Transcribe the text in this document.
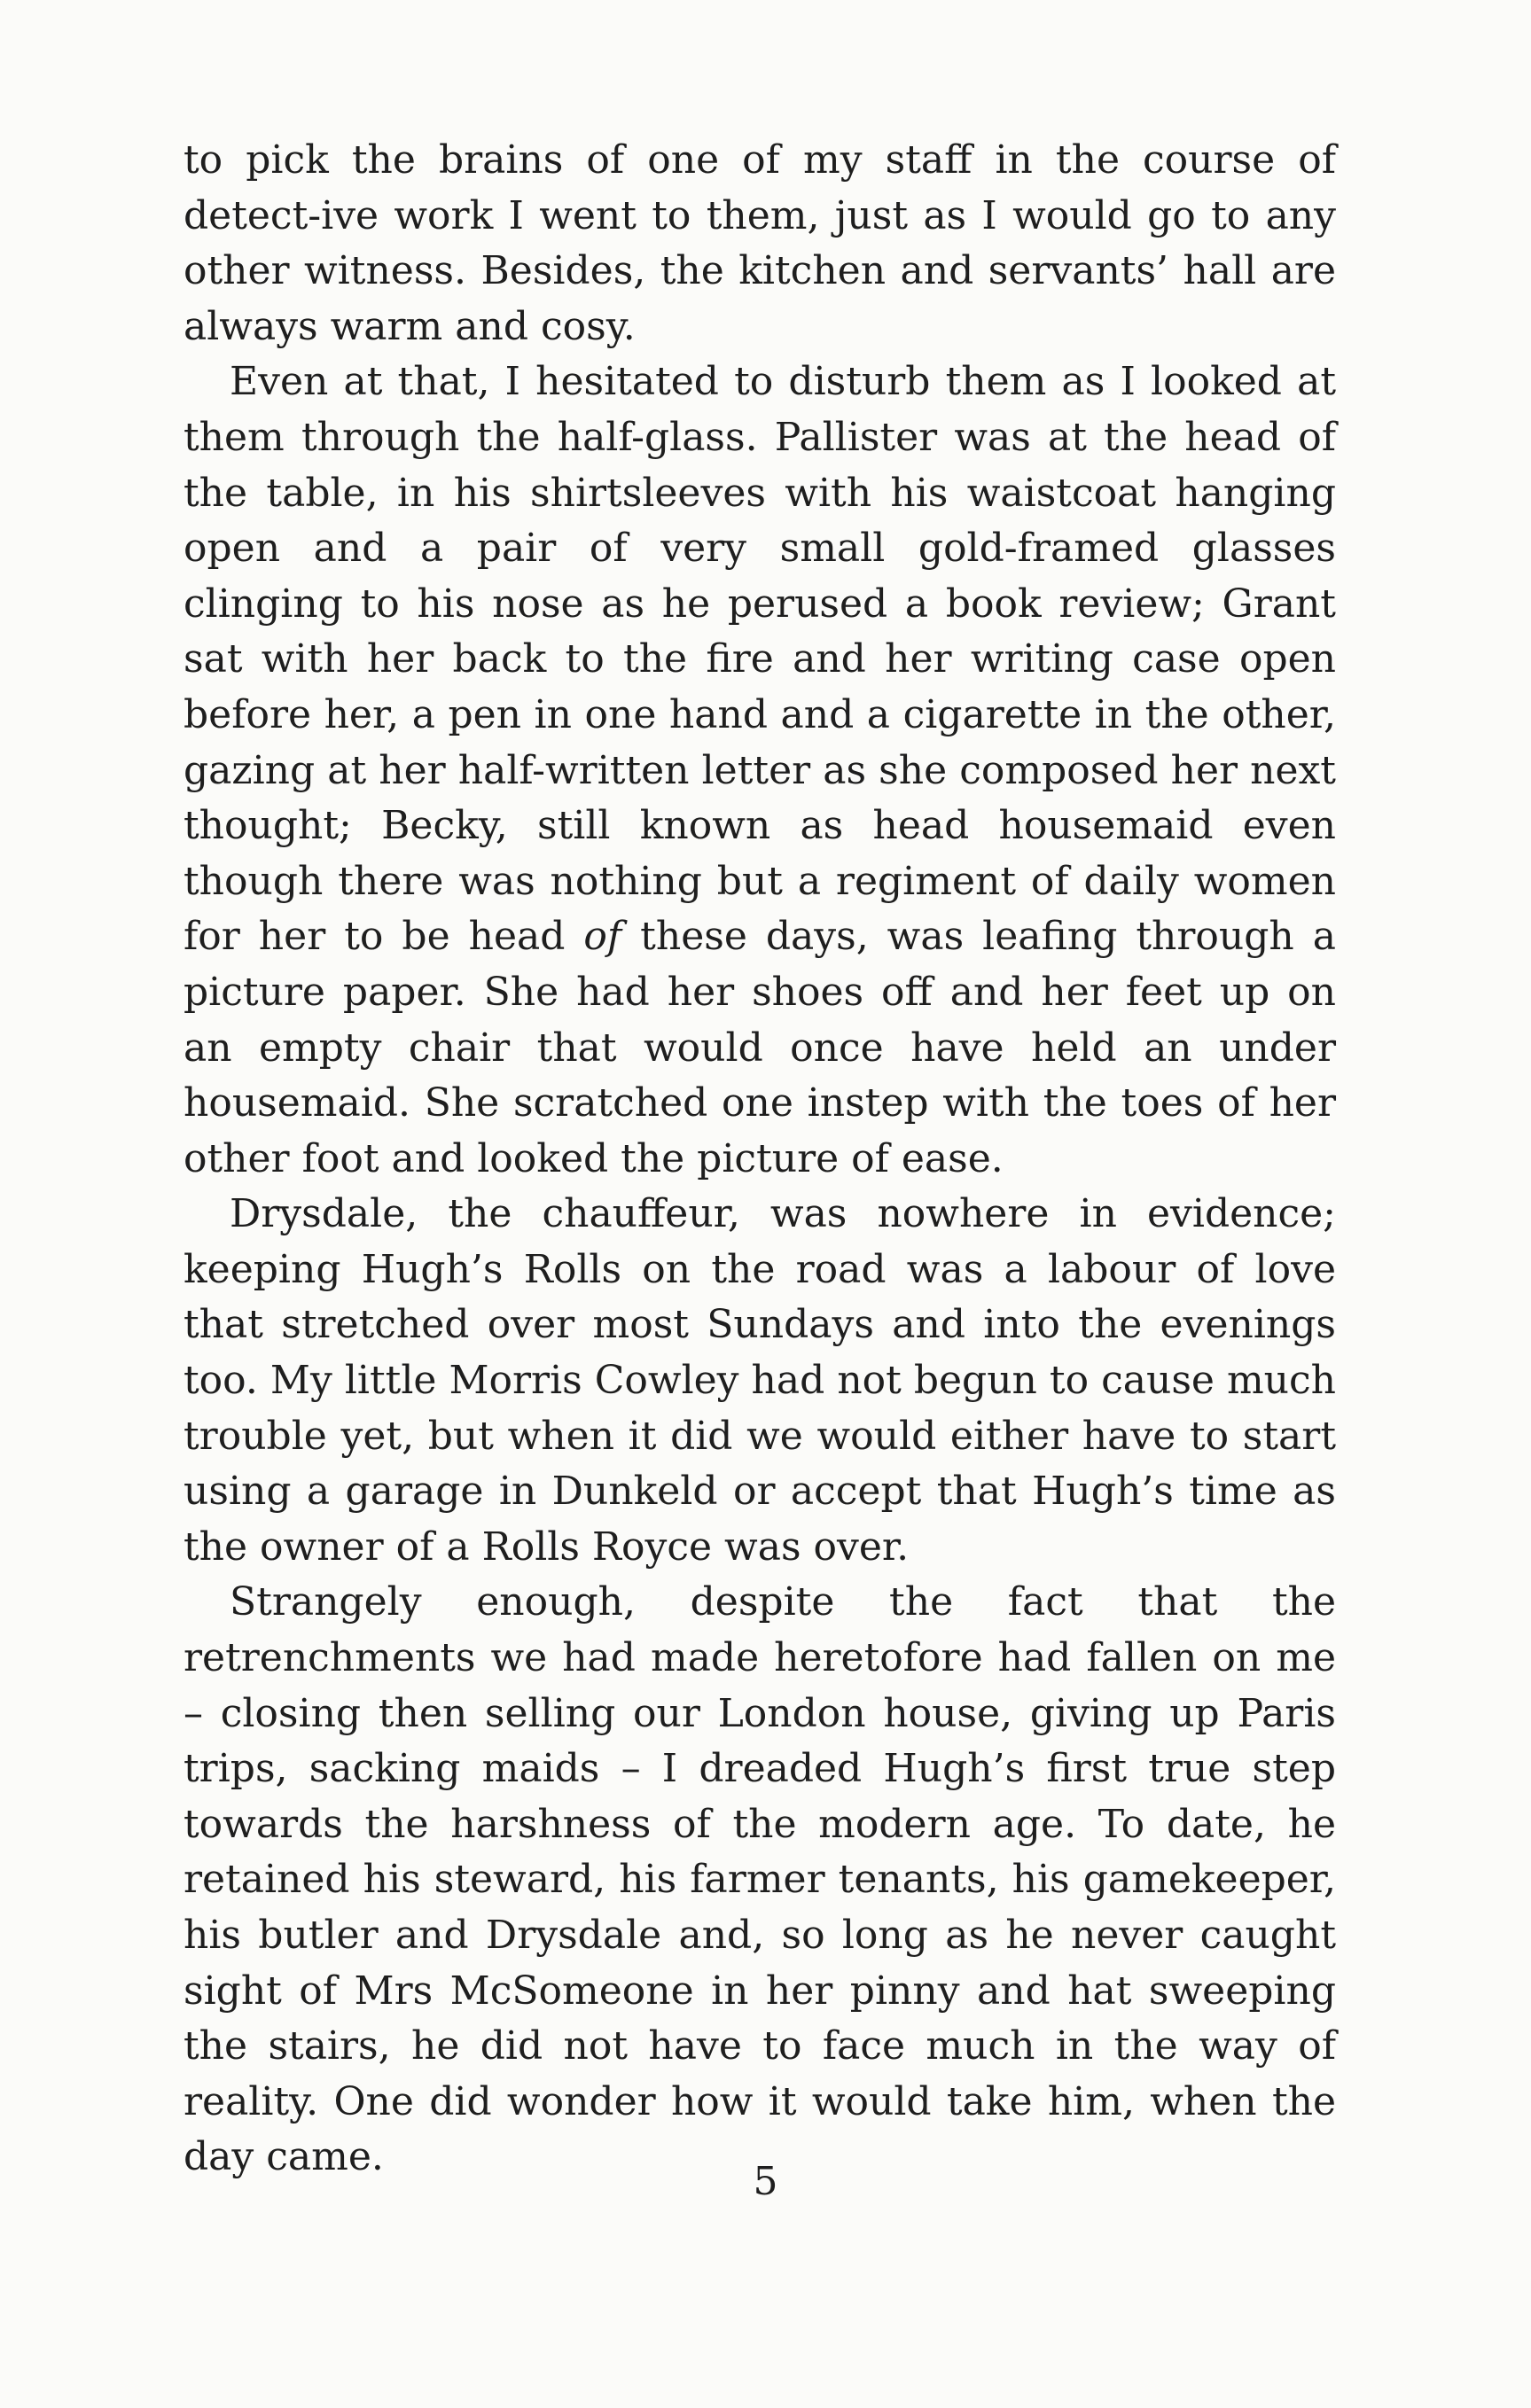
to pick the brains of one of my staff in the course of detect-ive work I went to them, just as I would go to any other witness. Besides, the kitchen and servants’ hall are always warm and cosy.

Even at that, I hesitated to disturb them as I looked at them through the half-glass. Pallister was at the head of the table, in his shirtsleeves with his waistcoat hanging open and a pair of very small gold-framed glasses clinging to his nose as he perused a book review; Grant sat with her back to the fire and her writing case open before her, a pen in one hand and a cigarette in the other, gazing at her half-written letter as she composed her next thought; Becky, still known as head housemaid even though there was nothing but a regiment of daily women for her to be head of these days, was leafing through a picture paper. She had her shoes off and her feet up on an empty chair that would once have held an under housemaid. She scratched one instep with the toes of her other foot and looked the picture of ease.

Drysdale, the chauffeur, was nowhere in evidence; keeping Hugh’s Rolls on the road was a labour of love that stretched over most Sundays and into the evenings too. My little Morris Cowley had not begun to cause much trouble yet, but when it did we would either have to start using a garage in Dunkeld or accept that Hugh’s time as the owner of a Rolls Royce was over.

Strangely enough, despite the fact that the retrenchments we had made heretofore had fallen on me – closing then selling our London house, giving up Paris trips, sacking maids – I dreaded Hugh’s first true step towards the harshness of the modern age. To date, he retained his steward, his farmer tenants, his gamekeeper, his butler and Drysdale and, so long as he never caught sight of Mrs McSomeone in her pinny and hat sweeping the stairs, he did not have to face much in the way of reality. One did wonder how it would take him, when the day came.

5
